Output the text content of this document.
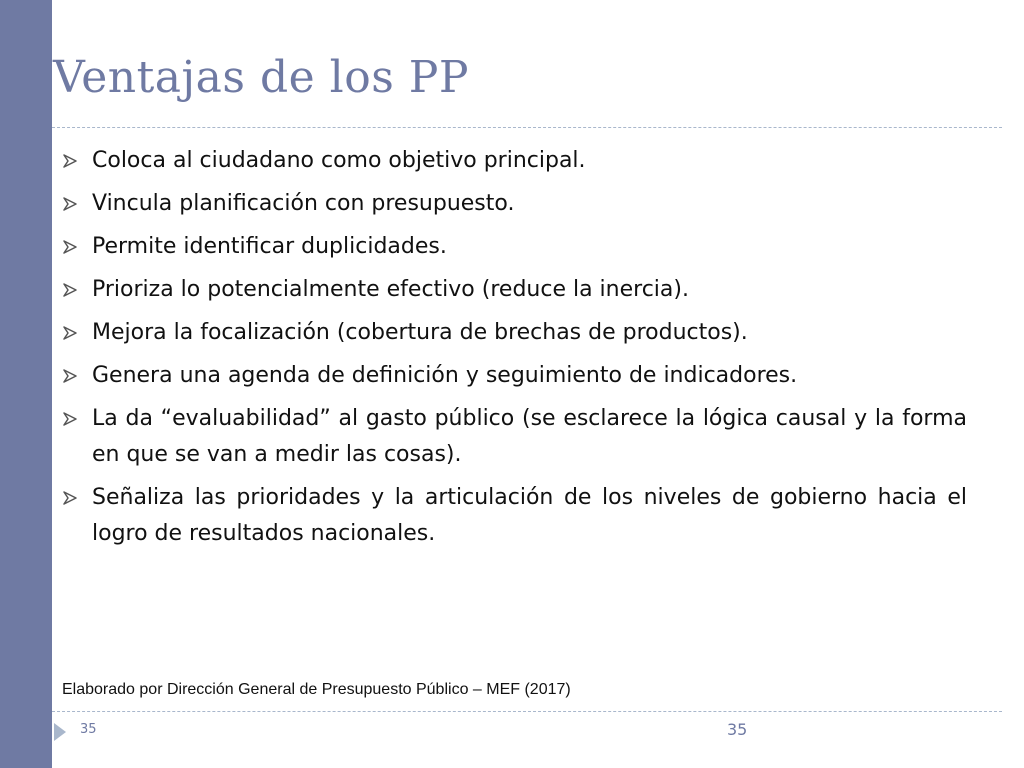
Ventajas de los PP
Coloca al ciudadano como objetivo principal.
Vincula planificación con presupuesto.
Permite identificar duplicidades.
Prioriza lo potencialmente efectivo (reduce la inercia).
Mejora la focalización (cobertura de brechas de productos).
Genera una agenda de definición y seguimiento de indicadores.
La da “evaluabilidad” al gasto público (se esclarece la lógica causal y la forma en que se van a medir las cosas).
Señaliza las prioridades y la articulación de los niveles de gobierno hacia el logro de resultados nacionales.
Elaborado por Dirección General de Presupuesto Público – MEF (2017)
35	35
